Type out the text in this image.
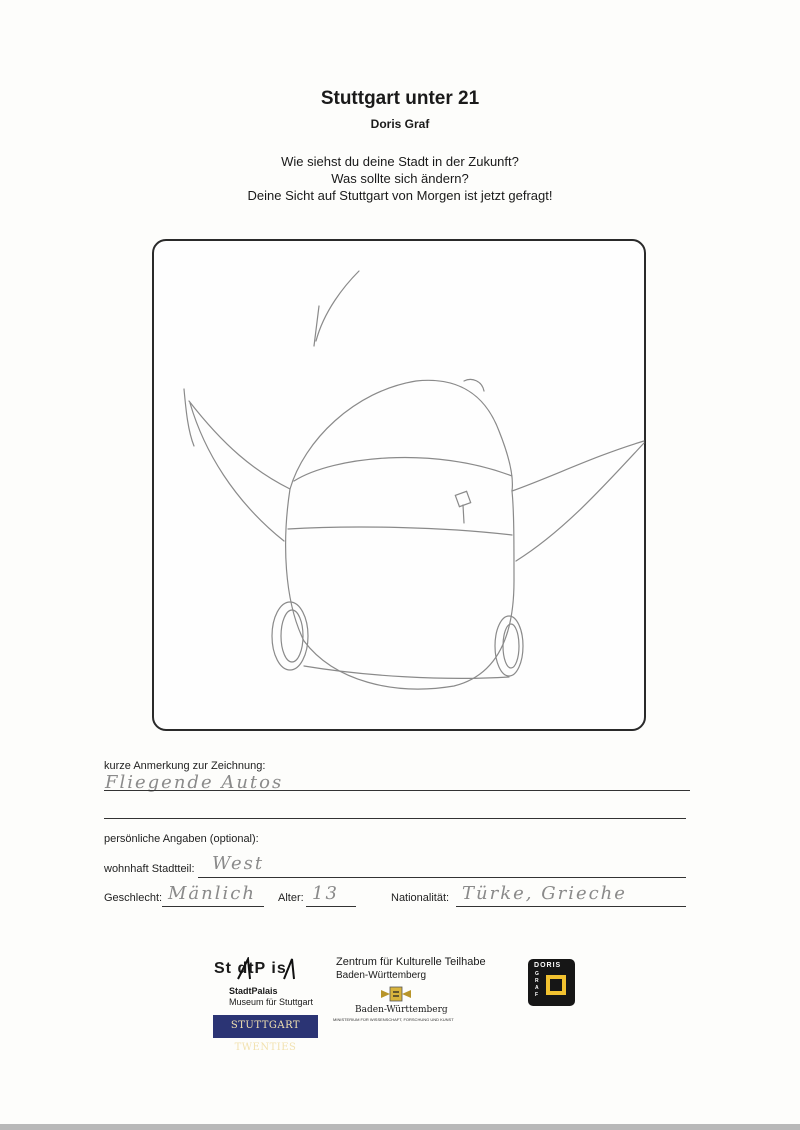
Stuttgart unter 21
Doris Graf
Wie siehst du deine Stadt in der Zukunft?
Was sollte sich ändern?
Deine Sicht auf Stuttgart von Morgen ist jetzt gefragt!
kurze Anmerkung zur Zeichnung:
Fliegende Autos
persönliche Angaben (optional):
wohnhaft Stadtteil: West
Geschlecht: Mänlich Alter: 13	Nationalität: Türke, Grieche
St dtP is
StadtPalais
Museum für Stuttgart
STUTTGART TWENTIES
Zentrum für Kulturelle Teilhabe
Baden-Württemberg
Baden-Württemberg
MINISTERIUM FÜR WISSENSCHAFT, FORSCHUNG UND KUNST
DORIS
G
R
A
F
